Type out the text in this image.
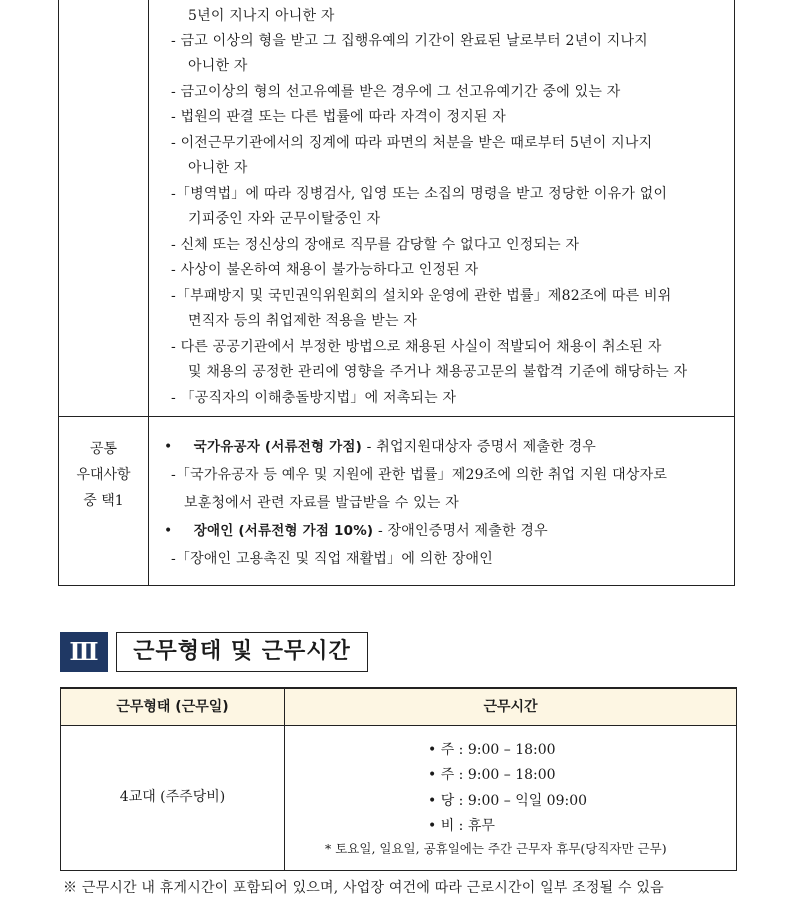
5년이 지나지 아니한 자
- 금고 이상의 형을 받고 그 집행유예의 기간이 완료된 날로부터 2년이 지나지
아니한 자
- 금고이상의 형의 선고유예를 받은 경우에 그 선고유예기간 중에 있는 자
- 법원의 판결 또는 다른 법률에 따라 자격이 정지된 자
- 이전근무기관에서의 징계에 따라 파면의 처분을 받은 때로부터 5년이 지나지
아니한 자
-「병역법」에 따라 징병검사, 입영 또는 소집의 명령을 받고 정당한 이유가 없이
기피중인 자와 군무이탈중인 자
- 신체 또는 정신상의 장애로 직무를 감당할 수 없다고 인정되는 자
- 사상이 불온하여 채용이 불가능하다고 인정된 자
-「부패방지 및 국민권익위원회의 설치와 운영에 관한 법률」제82조에 따른 비위
면직자 등의 취업제한 적용을 받는 자
- 다른 공공기관에서 부정한 방법으로 채용된 사실이 적발되어 채용이 취소된 자
및 채용의 공정한 관리에 영향을 주거나 채용공고문의 불합격 기준에 해당하는 자
- 「공직자의 이해충돌방지법」에 저촉되는 자
공통
우대사항
중 택1
• 국가유공자 (서류전형 가점) - 취업지원대상자 증명서 제출한 경우
-「국가유공자 등 예우 및 지원에 관한 법률」제29조에 의한 취업 지원 대상자로
보훈청에서 관련 자료를 발급받을 수 있는 자
• 장애인 (서류전형 가점 10%) - 장애인증명서 제출한 경우
-「장애인 고용촉진 및 직업 재활법」에 의한 장애인
Ⅲ	근무형태 및 근무시간
근무형태 (근무일)	근무시간
4교대 (주주당비)
• 주 : 9:00 – 18:00
• 주 : 9:00 – 18:00
• 당 : 9:00 – 익일 09:00
• 비 : 휴무
* 토요일, 일요일, 공휴일에는 주간 근무자 휴무(당직자만 근무)
※ 근무시간 내 휴게시간이 포함되어 있으며, 사업장 여건에 따라 근로시간이 일부 조정될 수 있음
